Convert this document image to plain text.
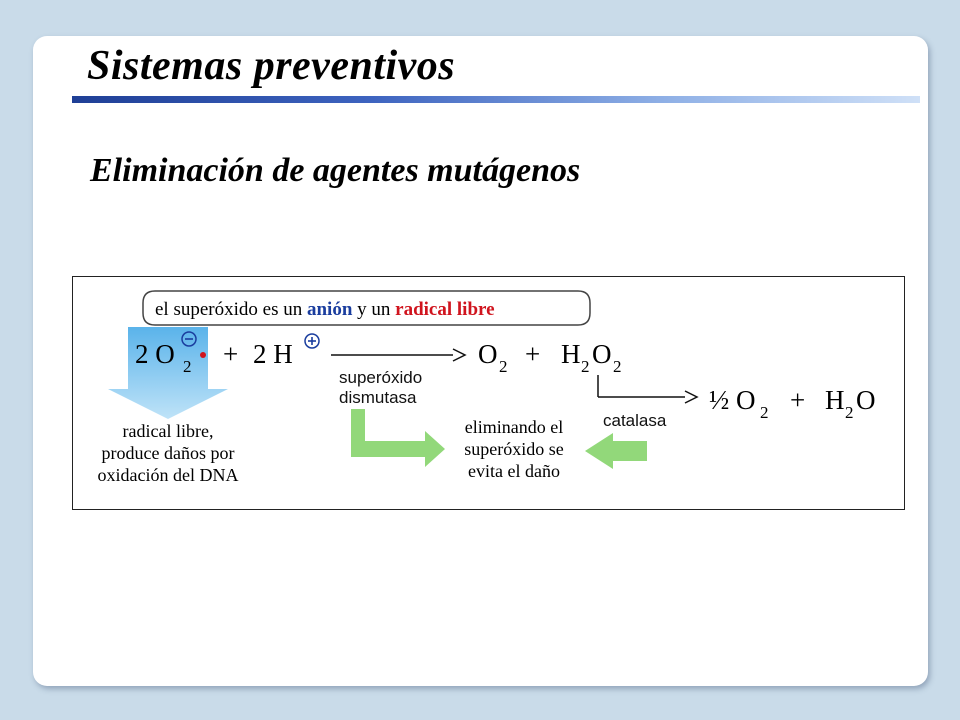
Sistemas preventivos
Eliminación de agentes mutágenos
el superóxido es un anión y un radical libre
2 O 2 + 2 H	O 2 + H 2 O 2
superóxido
dismutasa
catalasa
½ O 2 + H 2 O
radical libre,
produce daños por
oxidación del DNA
eliminando el
superóxido se
evita el daño
